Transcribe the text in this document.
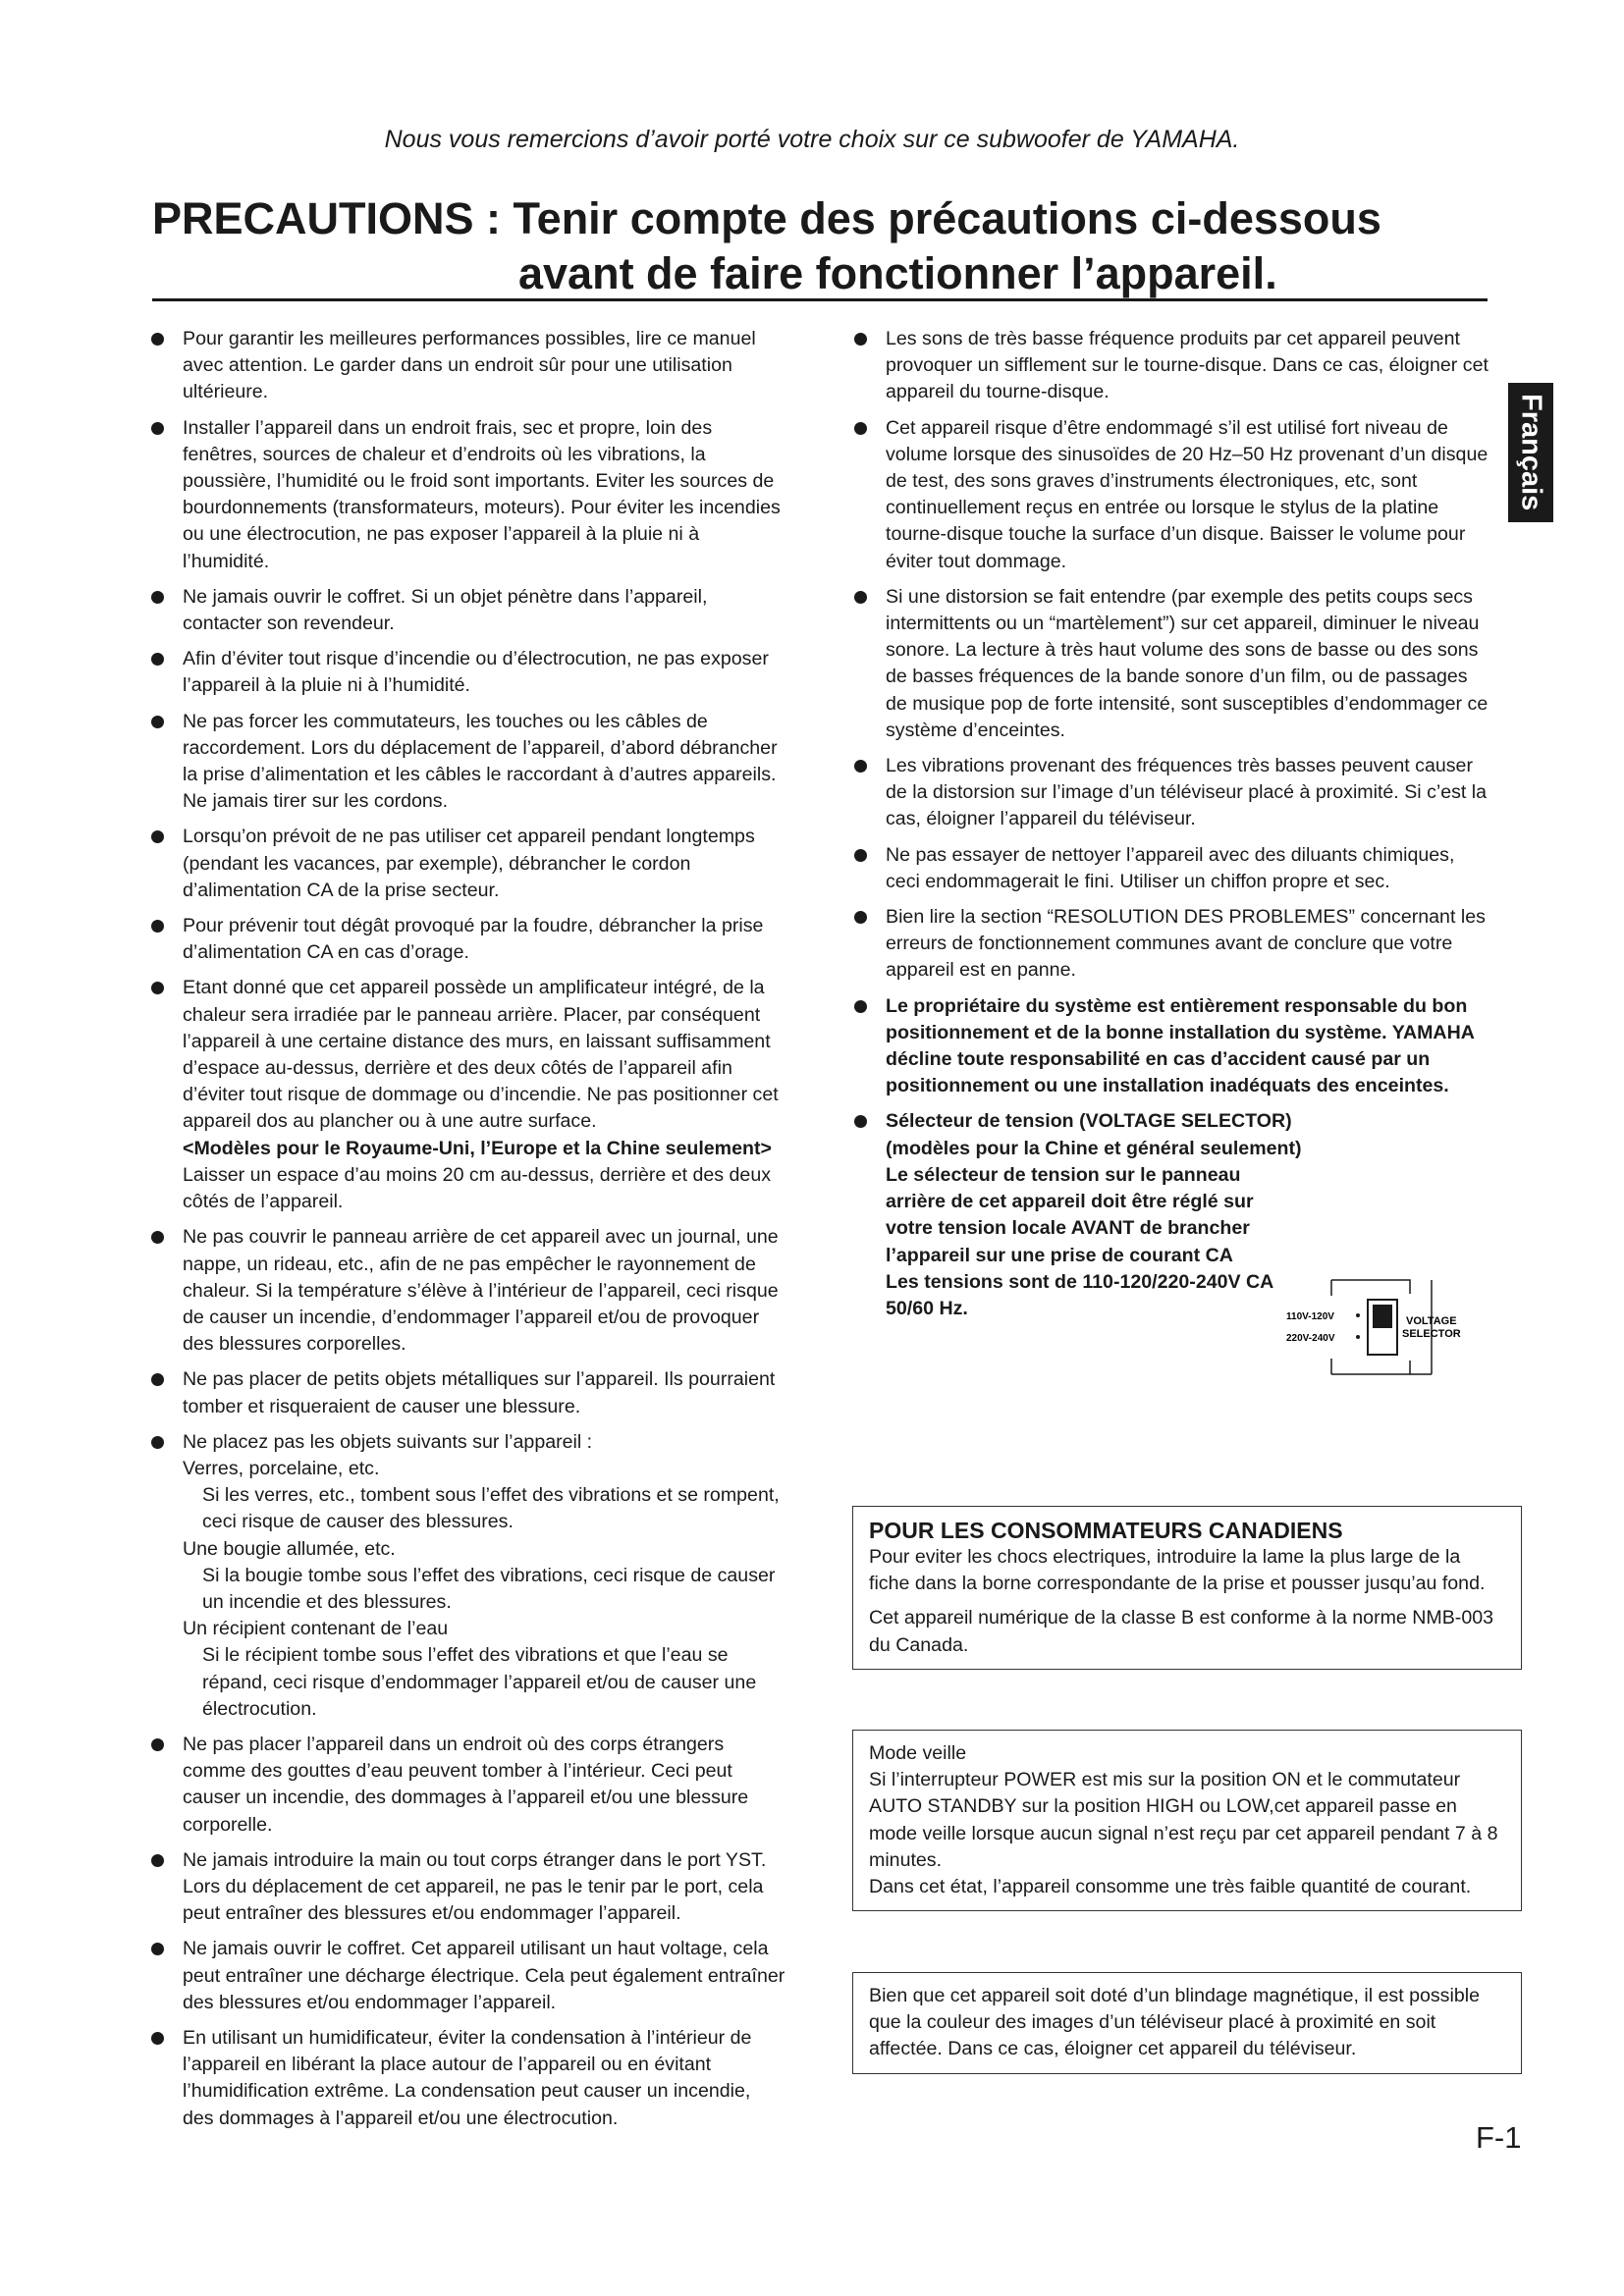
Nous vous remercions d’avoir porté votre choix sur ce subwoofer de YAMAHA.
PRECAUTIONS : Tenir compte des précautions ci-dessous
avant de faire fonctionner l’appareil.
Français
Pour garantir les meilleures performances possibles, lire ce manuel avec attention. Le garder dans un endroit sûr pour une utilisation ultérieure.
Installer l’appareil dans un endroit frais, sec et propre, loin des fenêtres, sources de chaleur et d’endroits où les vibrations, la poussière, l’humidité ou le froid sont importants. Eviter les sources de bourdonnements (transformateurs, moteurs). Pour éviter les incendies ou une électrocution, ne pas exposer l’appareil à la pluie ni à l’humidité.
Ne jamais ouvrir le coffret. Si un objet pénètre dans l’appareil, contacter son revendeur.
Afin d’éviter tout risque d’incendie ou d’électrocution, ne pas exposer l’appareil à la pluie ni à l’humidité.
Ne pas forcer les commutateurs, les touches ou les câbles de raccordement. Lors du déplacement de l’appareil, d’abord débrancher la prise d’alimentation et les câbles le raccordant à d’autres appareils. Ne jamais tirer sur les cordons.
Lorsqu’on prévoit de ne pas utiliser cet appareil pendant longtemps (pendant les vacances, par exemple), débrancher le cordon d’alimentation CA de la prise secteur.
Pour prévenir tout dégât provoqué par la foudre, débrancher la prise d’alimentation CA en cas d’orage.
Etant donné que cet appareil possède un amplificateur intégré, de la chaleur sera irradiée par le panneau arrière. Placer, par conséquent l’appareil à une certaine distance des murs, en laissant suffisamment d’espace au-dessus, derrière et des deux côtés de l’appareil afin d’éviter tout risque de dommage ou d’incendie. Ne pas positionner cet appareil dos au plancher ou à une autre surface.
<Modèles pour le Royaume-Uni, l’Europe et la Chine seulement>
Laisser un espace d’au moins 20 cm au-dessus, derrière et des deux côtés de l’appareil.
Ne pas couvrir le panneau arrière de cet appareil avec un journal, une nappe, un rideau, etc., afin de ne pas empêcher le rayonnement de chaleur. Si la température s’élève à l’intérieur de l’appareil, ceci risque de causer un incendie, d’endommager l’appareil et/ou de provoquer des blessures corporelles.
Ne pas placer de petits objets métalliques sur l’appareil. Ils pourraient tomber et risqueraient de causer une blessure.
Ne placez pas les objets suivants sur l’appareil :
Verres, porcelaine, etc.
Si les verres, etc., tombent sous l’effet des vibrations et se rompent, ceci risque de causer des blessures.
Une bougie allumée, etc.
Si la bougie tombe sous l’effet des vibrations, ceci risque de causer un incendie et des blessures.
Un récipient contenant de l’eau
Si le récipient tombe sous l’effet des vibrations et que l’eau se répand, ceci risque d’endommager l’appareil et/ou de causer une électrocution.
Ne pas placer l’appareil dans un endroit où des corps étrangers comme des gouttes d’eau peuvent tomber à l’intérieur. Ceci peut causer un incendie, des dommages à l’appareil et/ou une blessure corporelle.
Ne jamais introduire la main ou tout corps étranger dans le port YST. Lors du déplacement de cet appareil, ne pas le tenir par le port, cela peut entraîner des blessures et/ou endommager l’appareil.
Ne jamais ouvrir le coffret. Cet appareil utilisant un haut voltage, cela peut entraîner une décharge électrique. Cela peut également entraîner des blessures et/ou endommager l’appareil.
En utilisant un humidificateur, éviter la condensation à l’intérieur de l’appareil en libérant la place autour de l’appareil ou en évitant l’humidification extrême. La condensation peut causer un incendie, des dommages à l’appareil et/ou une électrocution.
Les sons de très basse fréquence produits par cet appareil peuvent provoquer un sifflement sur le tourne-disque. Dans ce cas, éloigner cet appareil du tourne-disque.
Cet appareil risque d’être endommagé s’il est utilisé fort niveau de volume lorsque des sinusoïdes de 20 Hz–50 Hz provenant d’un disque de test, des sons graves d’instruments électroniques, etc, sont continuellement reçus en entrée ou lorsque le stylus de la platine tourne-disque touche la surface d’un disque. Baisser le volume pour éviter tout dommage.
Si une distorsion se fait entendre (par exemple des petits coups secs intermittents ou un “martèlement”) sur cet appareil, diminuer le niveau sonore. La lecture à très haut volume des sons de basse ou des sons de basses fréquences de la bande sonore d’un film, ou de passages de musique pop de forte intensité, sont susceptibles d’endommager ce système d’enceintes.
Les vibrations provenant des fréquences très basses peuvent causer de la distorsion sur l’image d’un téléviseur placé à proximité. Si c’est la cas, éloigner l’appareil du téléviseur.
Ne pas essayer de nettoyer l’appareil avec des diluants chimiques, ceci endommagerait le fini. Utiliser un chiffon propre et sec.
Bien lire la section “RESOLUTION DES PROBLEMES” concernant les erreurs de fonctionnement communes avant de conclure que votre appareil est en panne.
Le propriétaire du système est entièrement responsable du bon positionnement et de la bonne installation du système. YAMAHA décline toute responsabilité en cas d’accident causé par un positionnement ou une installation inadéquats des enceintes.
Sélecteur de tension (VOLTAGE SELECTOR) (modèles pour la Chine et général seulement)
Le sélecteur de tension sur le panneau arrière de cet appareil doit être réglé sur votre tension locale AVANT de brancher l’appareil sur une prise de courant CA
Les tensions sont de 110-120/220-240V CA 50/60 Hz.	110V-120V
220V-240V
VOLTAGE
SELECTOR
POUR LES CONSOMMATEURS CANADIENS

Pour eviter les chocs electriques, introduire la lame la plus large de la fiche dans la borne correspondante de la prise et pousser jusqu’au fond.

Cet appareil numérique de la classe B est conforme à la norme NMB-003 du Canada.

Mode veille
Si l’interrupteur POWER est mis sur la position ON et le commutateur AUTO STANDBY sur la position HIGH ou LOW,cet appareil passe en mode veille lorsque aucun signal n’est reçu par cet appareil pendant 7 à 8 minutes.
Dans cet état, l’appareil consomme une très faible quantité de courant.
Bien que cet appareil soit doté d’un blindage magnétique, il est possible que la couleur des images d’un téléviseur placé à proximité en soit affectée. Dans ce cas, éloigner cet appareil du téléviseur.
F-1
